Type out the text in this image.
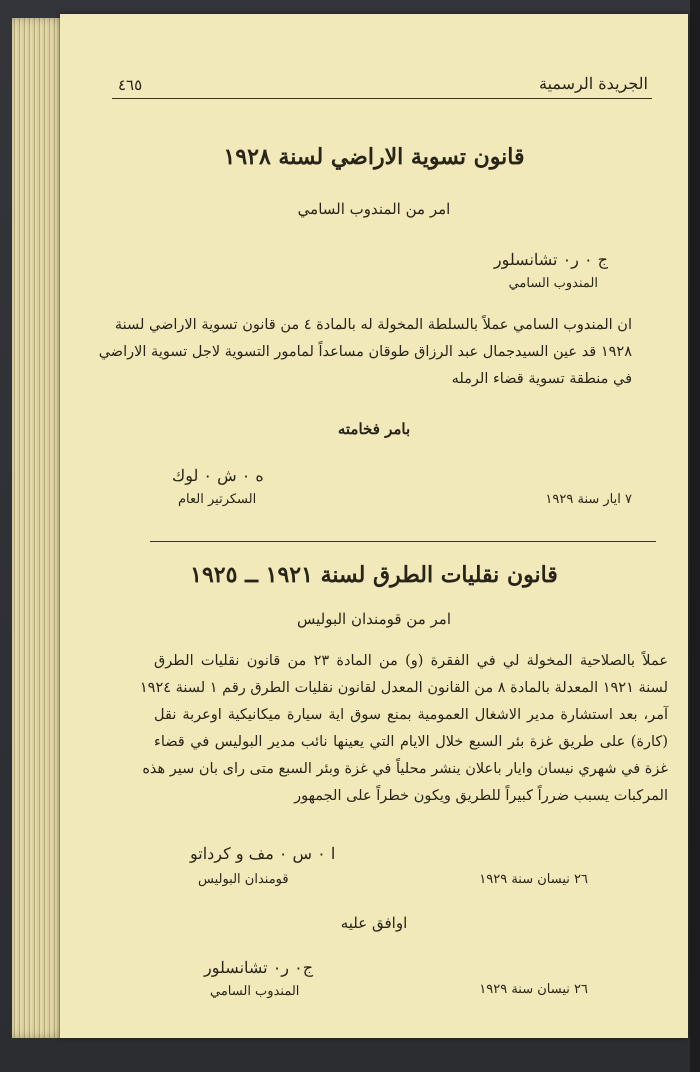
٤٦٥	الجريدة الرسمية
قانون تسوية الاراضي لسنة ١٩٢٨
امر من المندوب السامي
ج ٠ ر٠ تشانسلور
المندوب السامي
ان المندوب السامي عملاً بالسلطة المخولة له بالمادة ٤ من قانون تسوية الاراضي لسنة
١٩٢٨ قد عين السيدجمال عبد الرزاق طوقان مساعداً لمامور التسوية لاجل تسوية الاراضي
في منطقة تسوية قضاء الرمله
بامر فخامته
ه ٠ ش ٠ لوك
السكرتير العام	٧ ايار سنة ١٩٢٩
قانون نقليات الطرق لسنة ١٩٢١ ــ ١٩٢٥
امر من قومندان البوليس
عملاً بالصلاحية المخولة لي في الفقرة (و) من المادة ٢٣ من قانون نقليات الطرق
لسنة ١٩٢١ المعدلة بالمادة ٨ من القانون المعدل لقانون نقليات الطرق رقم ١ لسنة ١٩٢٤
آمر، بعد استشارة مدير الاشغال العمومية بمنع سوق اية سيارة ميكانيكية اوعربة نقل
(كارة) على طريق غزة بئر السبع خلال الايام التي يعينها نائب مدير البوليس في قضاء
غزة في شهري نيسان وايار باعلان ينشر محلياً في غزة وبئر السبع متى راى بان سير هذه
المركبات يسبب ضرراً كبيراً للطريق ويكون خطراً على الجمهور
ا ٠ س ٠ مف و كرداتو
قومندان البوليس	٢٦ نيسان سنة ١٩٢٩
اوافق عليه
ج٠ ر٠ تشانسلور
المندوب السامي	٢٦ نيسان سنة ١٩٢٩
